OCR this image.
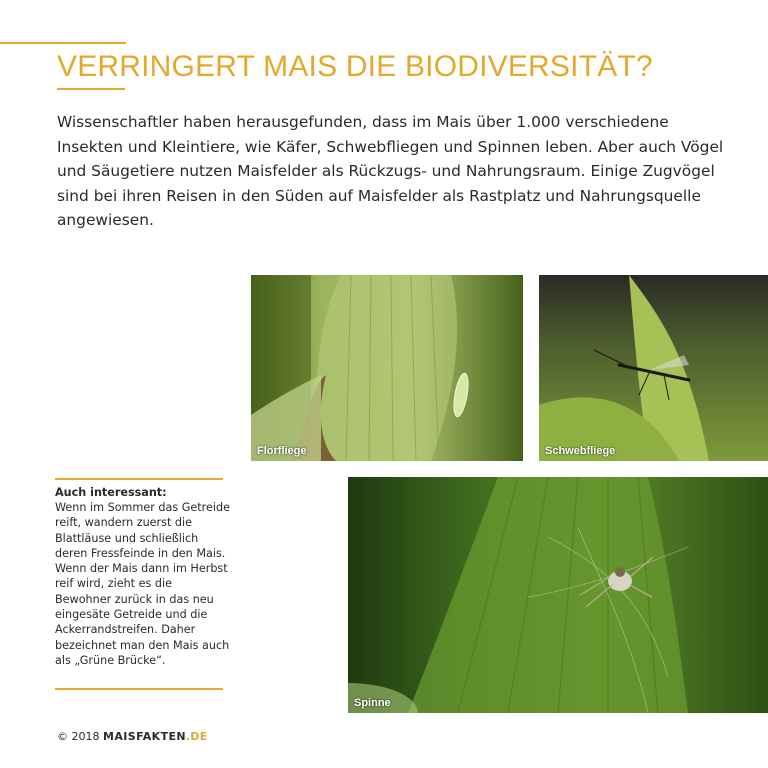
VERRINGERT MAIS DIE BIODIVERSITÄT?

Wissenschaftler haben herausgefunden, dass im Mais über 1.000 verschiedene Insekten und Kleintiere, wie Käfer, Schwebfliegen und Spinnen leben. Aber auch Vögel und Säugetiere nutzen Maisfelder als Rückzugs- und Nahrungsraum. Einige Zugvögel sind bei ihren Reisen in den Süden auf Maisfelder als Rastplatz und Nahrungsquelle angewiesen.

Florfliege	Schwebfliege
Auch interessant:
Wenn im Sommer das Getreide reift, wandern zuerst die Blattläuse und schließlich deren Fressfeinde in den Mais. Wenn der Mais dann im Herbst reif wird, zieht es die Bewohner zurück in das neu eingesäte Getreide und die Ackerrandstreifen. Daher bezeichnet man den Mais auch als „Grüne Brücke“.
Spinne
© 2018 MAISFAKTEN.DE
